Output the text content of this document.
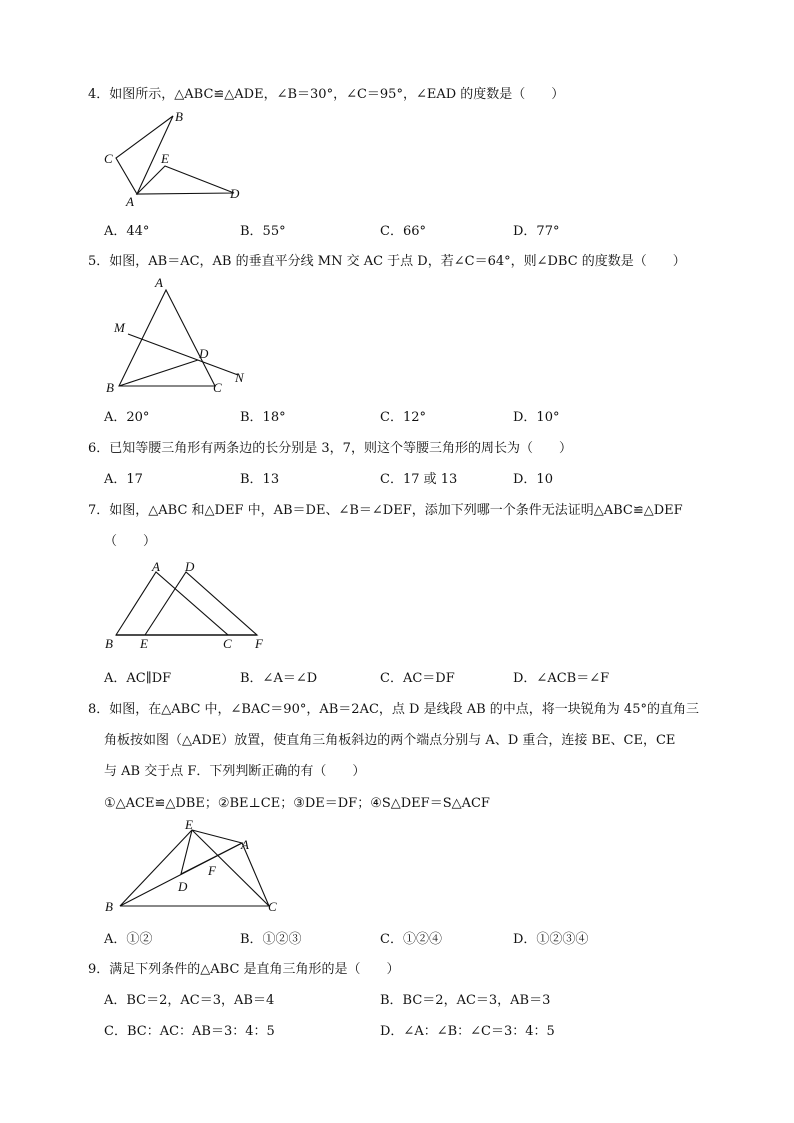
4．如图所示，△ABC≌△ADE，∠B＝30°，∠C＝95°，∠EAD 的度数是（　　）
B
C	E
A
D
A．44°	B．55°	C．66°	D．77°
5．如图，AB＝AC，AB 的垂直平分线 MN 交 AC 于点 D，若∠C＝64°，则∠DBC 的度数是（　　）
A
M
D
N
B	C
A．20°	B．18°	C．12°	D．10°
6．已知等腰三角形有两条边的长分别是 3，7，则这个等腰三角形的周长为（　　）
A．17	B．13	C．17 或 13	D．10
7．如图，△ABC 和△DEF 中，AB＝DE、∠B＝∠DEF，添加下列哪一个条件无法证明△ABC≌△DEF
（　　）
A D
B E	C F
A．AC∥DF	B．∠A＝∠D	C．AC＝DF	D．∠ACB＝∠F
8．如图，在△ABC 中，∠BAC＝90°，AB＝2AC，点 D 是线段 AB 的中点，将一块锐角为 45°的直角三
角板按如图（△ADE）放置，使直角三角板斜边的两个端点分别与 A、D 重合，连接 BE、CE，CE
与 AB 交于点 F．下列判断正确的有（　　）
①△ACE≌△DBE；②BE⊥CE；③DE＝DF；④S△DEF＝S△ACF
E
A
F
D
B	C
A．①②	B．①②③	C．①②④	D．①②③④
9．满足下列条件的△ABC 是直角三角形的是（　　）
A．BC＝2，AC＝3，AB＝4	B．BC＝2，AC＝3，AB＝3
C．BC：AC：AB＝3：4：5	D．∠A：∠B：∠C＝3：4：5
